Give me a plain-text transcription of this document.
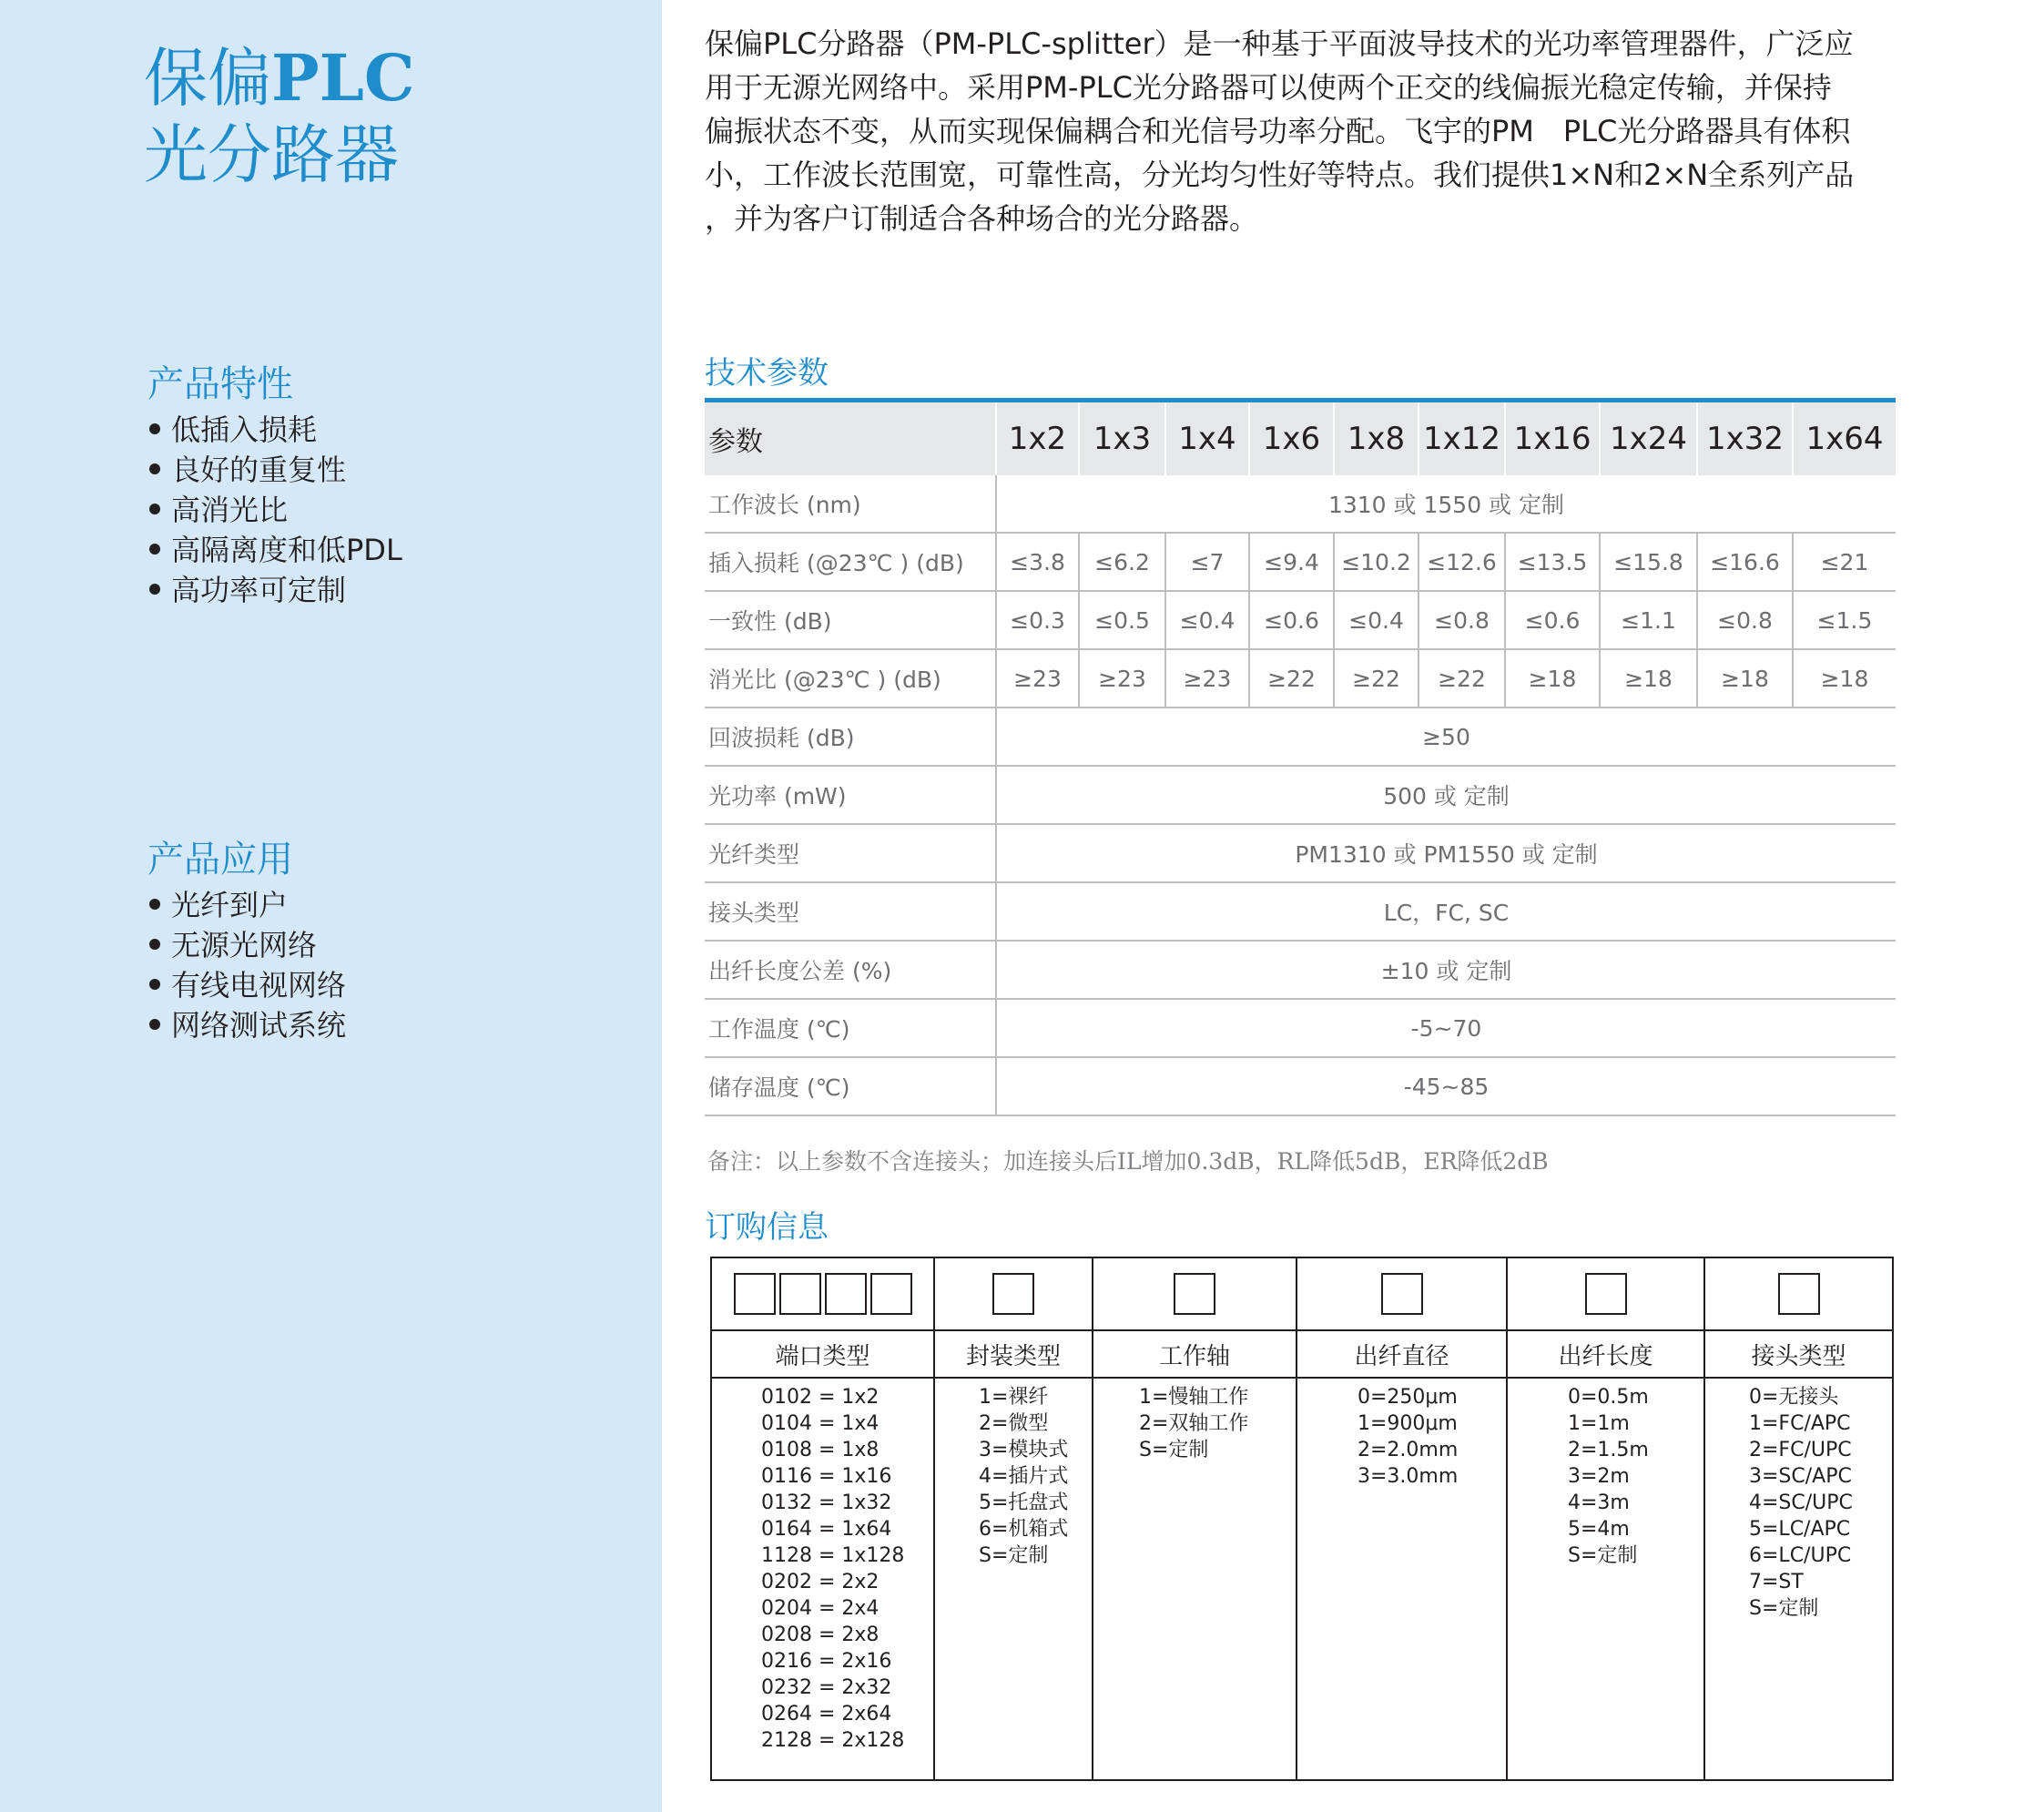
保偏PLC
光分路器
产品特性
低插入损耗
良好的重复性
高消光比
高隔离度和低PDL
高功率可定制
产品应用
光纤到户
无源光网络
有线电视网络
网络测试系统

保偏PLC分路器（PM-PLC-splitter）是一种基于平面波导技术的光功率管理器件，广泛应
用于无源光网络中。采用PM-PLC光分路器可以使两个正交的线偏振光稳定传输，并保持
偏振状态不变，从而实现保偏耦合和光信号功率分配。飞宇的PM　PLC光分路器具有体积
小，工作波长范围宽，可靠性高，分光均匀性好等特点。我们提供1×N和2×N全系列产品
，并为客户订制适合各种场合的光分路器。

技术参数
参数	1x2	1x3	1x4	1x6	1x8	1x12	1x16	1x24	1x32	1x64
工作波长 (nm)	1310 或 1550 或 定制									
插入损耗 (@23℃ ) (dB)	≤3.8	≤6.2	≤7	≤9.4	≤10.2	≤12.6	≤13.5	≤15.8	≤16.6	≤21
一致性 (dB)	≤0.3	≤0.5	≤0.4	≤0.6	≤0.4	≤0.8	≤0.6	≤1.1	≤0.8	≤1.5
消光比 (@23℃ ) (dB)	≥23	≥23	≥23	≥22	≥22	≥22	≥18	≥18	≥18	≥18
回波损耗 (dB)	≥50									
光功率 (mW)	500 或 定制									
光纤类型	PM1310 或 PM1550 或 定制									
接头类型	LC，FC, SC									
出纤长度公差 (%)	±10 或 定制									
工作温度 (℃)	-5~70									
储存温度 (℃)	-45~85									

备注：以上参数不含连接头；加连接头后IL增加0.3dB，RL降低5dB，ER降低2dB

订购信息
端口类型
0102 = 1x2
0104 = 1x4
0108 = 1x8
0116 = 1x16
0132 = 1x32
0164 = 1x64
1128 = 1x128
0202 = 2x2
0204 = 2x4
0208 = 2x8
0216 = 2x16
0232 = 2x32
0264 = 2x64
2128 = 2x128
封装类型
1=裸纤
2=微型
3=模块式
4=插片式
5=托盘式
6=机箱式
S=定制
工作轴
1=慢轴工作
2=双轴工作
S=定制
出纤直径
0=250μm
1=900μm
2=2.0mm
3=3.0mm
出纤长度
0=0.5m
1=1m
2=1.5m
3=2m
4=3m
5=4m
S=定制
接头类型
0=无接头
1=FC/APC
2=FC/UPC
3=SC/APC
4=SC/UPC
5=LC/APC
6=LC/UPC
7=ST
S=定制
